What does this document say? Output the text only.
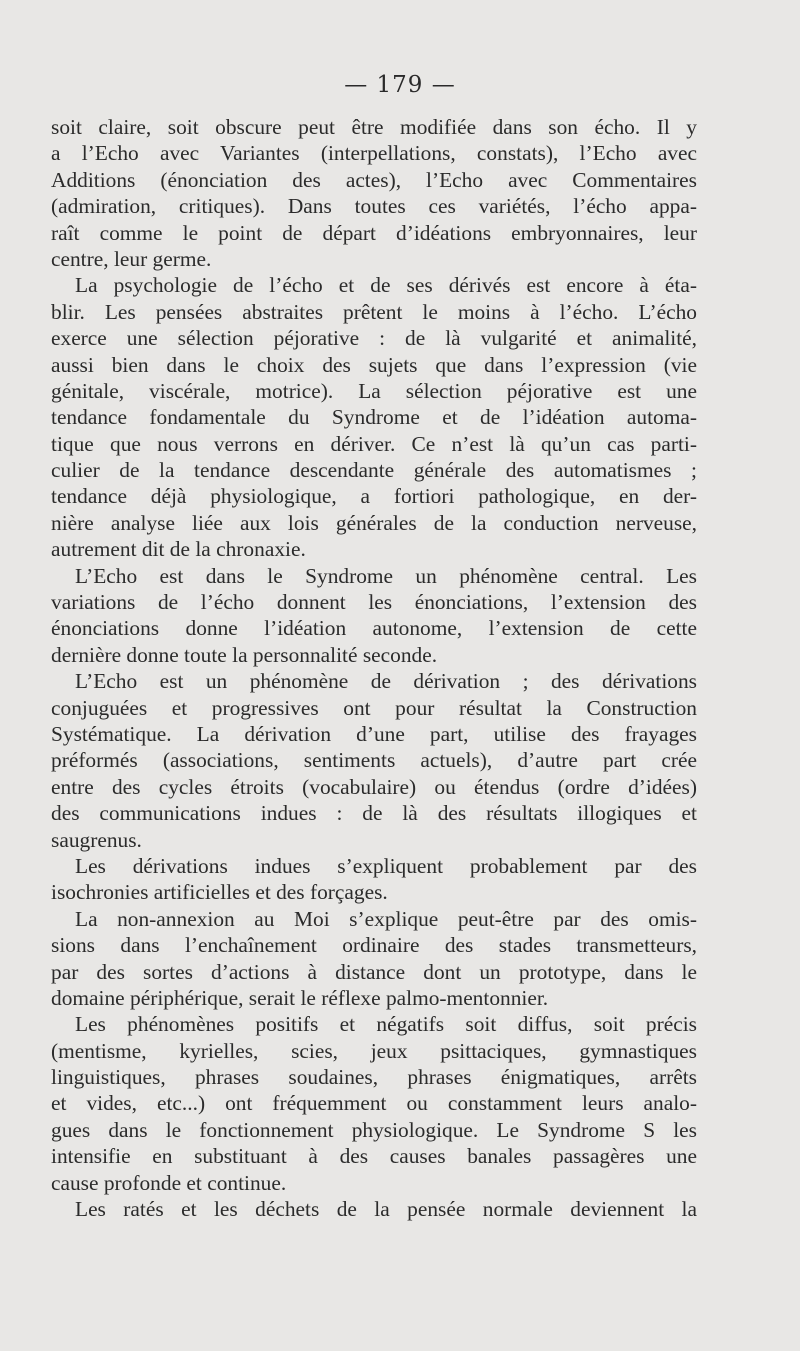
— 179 —
soit claire, soit obscure peut être modifiée dans son écho. Il y
a l’Echo avec Variantes (interpellations, constats), l’Echo avec
Additions (énonciation des actes), l’Echo avec Commentaires
(admiration, critiques). Dans toutes ces variétés, l’écho appa-
raît comme le point de départ d’idéations embryonnaires, leur
centre, leur germe.
La psychologie de l’écho et de ses dérivés est encore à éta-
blir. Les pensées abstraites prêtent le moins à l’écho. L’écho
exerce une sélection péjorative : de là vulgarité et animalité,
aussi bien dans le choix des sujets que dans l’expression (vie
génitale, viscérale, motrice). La sélection péjorative est une
tendance fondamentale du Syndrome et de l’idéation automa-
tique que nous verrons en dériver. Ce n’est là qu’un cas parti-
culier de la tendance descendante générale des automatismes ;
tendance déjà physiologique, a fortiori pathologique, en der-
nière analyse liée aux lois générales de la conduction nerveuse,
autrement dit de la chronaxie.
L’Echo est dans le Syndrome un phénomène central. Les
variations de l’écho donnent les énonciations, l’extension des
énonciations donne l’idéation autonome, l’extension de cette
dernière donne toute la personnalité seconde.
L’Echo est un phénomène de dérivation ; des dérivations
conjuguées et progressives ont pour résultat la Construction
Systématique. La dérivation d’une part, utilise des frayages
préformés (associations, sentiments actuels), d’autre part crée
entre des cycles étroits (vocabulaire) ou étendus (ordre d’idées)
des communications indues : de là des résultats illogiques et
saugrenus.
Les dérivations indues s’expliquent probablement par des
isochronies artificielles et des forçages.
La non-annexion au Moi s’explique peut-être par des omis-
sions dans l’enchaînement ordinaire des stades transmetteurs,
par des sortes d’actions à distance dont un prototype, dans le
domaine périphérique, serait le réflexe palmo-mentonnier.
Les phénomènes positifs et négatifs soit diffus, soit précis
(mentisme, kyrielles, scies, jeux psittaciques, gymnastiques
linguistiques, phrases soudaines, phrases énigmatiques, arrêts
et vides, etc...) ont fréquemment ou constamment leurs analo-
gues dans le fonctionnement physiologique. Le Syndrome S les
intensifie en substituant à des causes banales passagères une
cause profonde et continue.
Les ratés et les déchets de la pensée normale deviennent la
